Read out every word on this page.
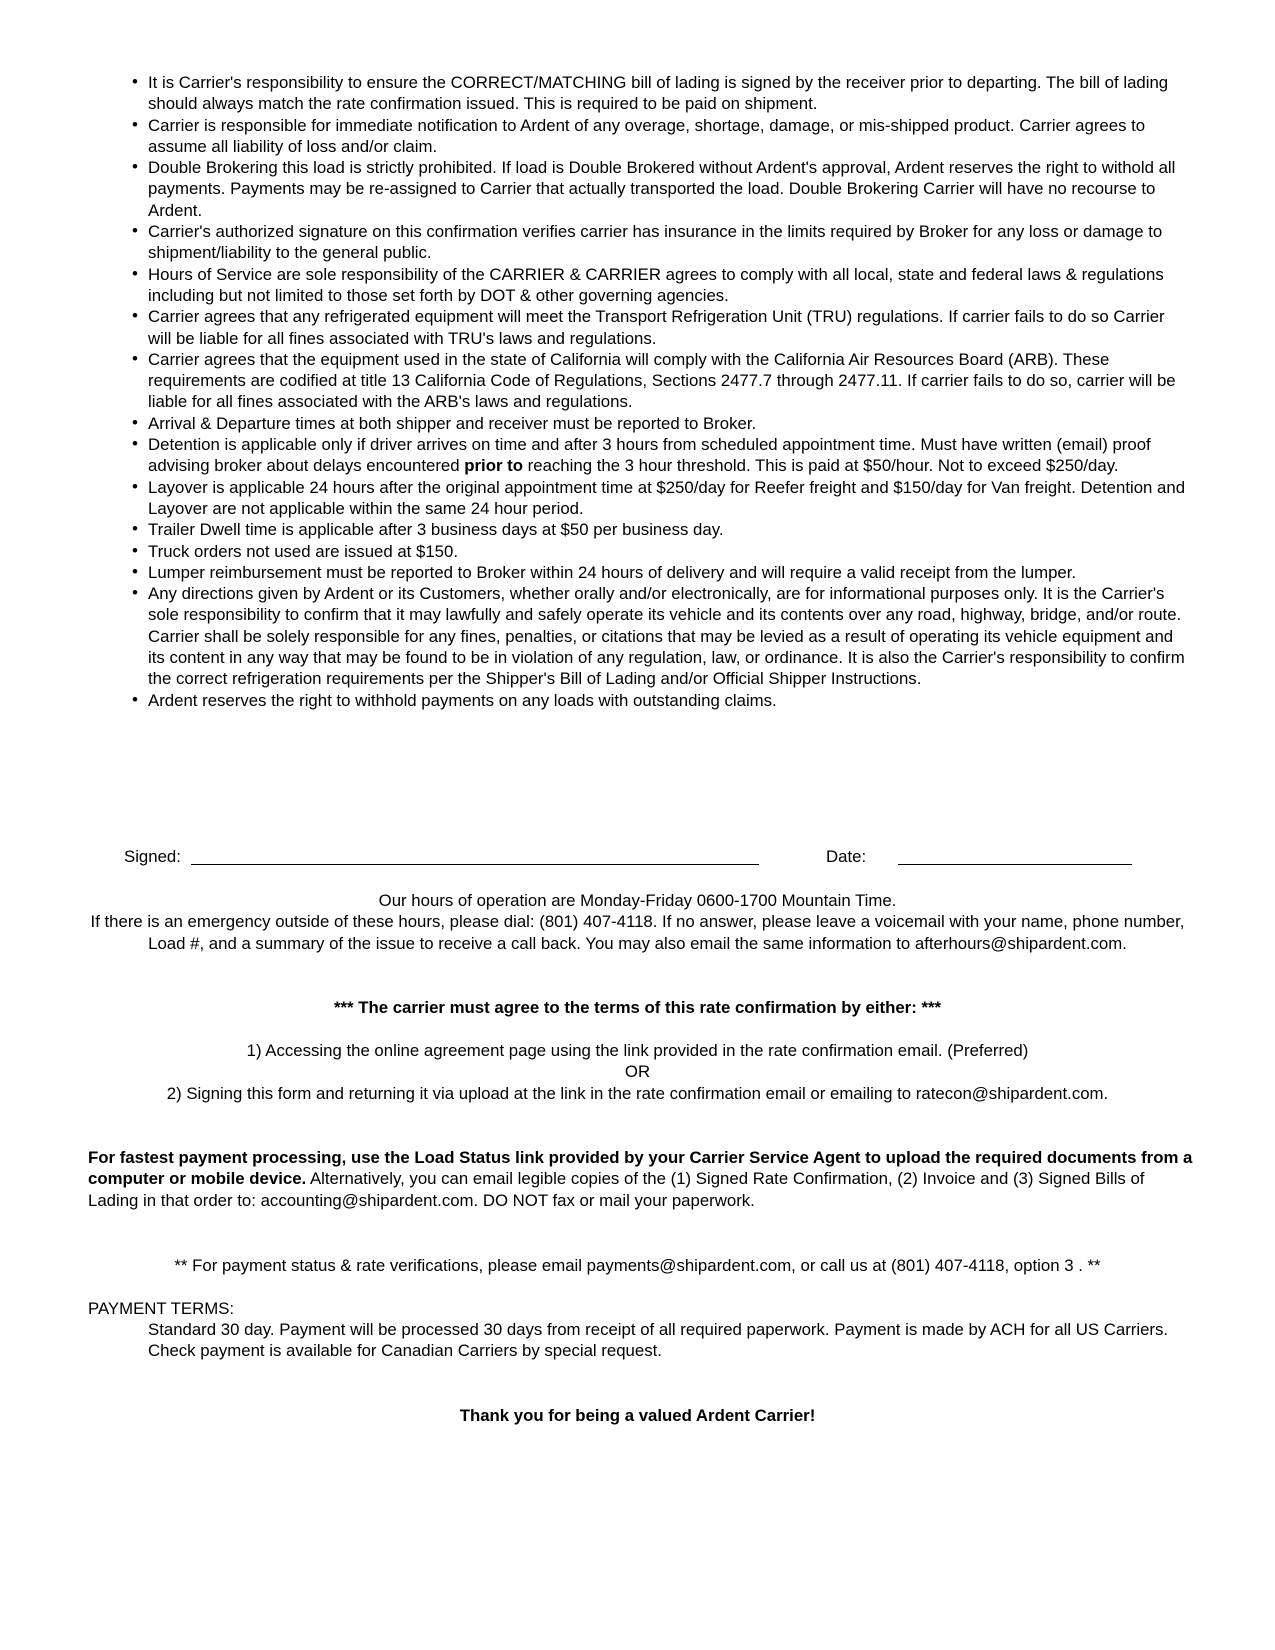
• It is Carrier's responsibility to ensure the CORRECT/MATCHING bill of lading is signed by the receiver prior to departing. The bill of lading should always match the rate confirmation issued. This is required to be paid on shipment.
• Carrier is responsible for immediate notification to Ardent of any overage, shortage, damage, or mis-shipped product. Carrier agrees to assume all liability of loss and/or claim.
• Double Brokering this load is strictly prohibited. If load is Double Brokered without Ardent's approval, Ardent reserves the right to withold all payments. Payments may be re-assigned to Carrier that actually transported the load. Double Brokering Carrier will have no recourse to Ardent.
• Carrier's authorized signature on this confirmation verifies carrier has insurance in the limits required by Broker for any loss or damage to shipment/liability to the general public.
• Hours of Service are sole responsibility of the CARRIER & CARRIER agrees to comply with all local, state and federal laws & regulations including but not limited to those set forth by DOT & other governing agencies.
• Carrier agrees that any refrigerated equipment will meet the Transport Refrigeration Unit (TRU) regulations. If carrier fails to do so Carrier will be liable for all fines associated with TRU's laws and regulations.
• Carrier agrees that the equipment used in the state of California will comply with the California Air Resources Board (ARB). These requirements are codified at title 13 California Code of Regulations, Sections 2477.7 through 2477.11. If carrier fails to do so, carrier will be liable for all fines associated with the ARB's laws and regulations.
• Arrival & Departure times at both shipper and receiver must be reported to Broker.
• Detention is applicable only if driver arrives on time and after 3 hours from scheduled appointment time. Must have written (email) proof advising broker about delays encountered prior to reaching the 3 hour threshold. This is paid at $50/hour. Not to exceed $250/day.
• Layover is applicable 24 hours after the original appointment time at $250/day for Reefer freight and $150/day for Van freight. Detention and Layover are not applicable within the same 24 hour period.
• Trailer Dwell time is applicable after 3 business days at $50 per business day.
• Truck orders not used are issued at $150.
• Lumper reimbursement must be reported to Broker within 24 hours of delivery and will require a valid receipt from the lumper.
• Any directions given by Ardent or its Customers, whether orally and/or electronically, are for informational purposes only. It is the Carrier's sole responsibility to confirm that it may lawfully and safely operate its vehicle and its contents over any road, highway, bridge, and/or route. Carrier shall be solely responsible for any fines, penalties, or citations that may be levied as a result of operating its vehicle equipment and its content in any way that may be found to be in violation of any regulation, law, or ordinance. It is also the Carrier's responsibility to confirm the correct refrigeration requirements per the Shipper's Bill of Lading and/or Official Shipper Instructions.
• Ardent reserves the right to withhold payments on any loads with outstanding claims.
Signed:	Date:
Our hours of operation are Monday-Friday 0600-1700 Mountain Time.
If there is an emergency outside of these hours, please dial: (801) 407-4118. If no answer, please leave a voicemail with your name, phone number, Load #, and a summary of the issue to receive a call back. You may also email the same information to afterhours@shipardent.com.
*** The carrier must agree to the terms of this rate confirmation by either: ***
1) Accessing the online agreement page using the link provided in the rate confirmation email. (Preferred)
OR
2) Signing this form and returning it via upload at the link in the rate confirmation email or emailing to ratecon@shipardent.com.
For fastest payment processing, use the Load Status link provided by your Carrier Service Agent to upload the required documents from a computer or mobile device. Alternatively, you can email legible copies of the (1) Signed Rate Confirmation, (2) Invoice and (3) Signed Bills of Lading in that order to: accounting@shipardent.com. DO NOT fax or mail your paperwork.
** For payment status & rate verifications, please email payments@shipardent.com, or call us at (801) 407-4118, option 3 . **
PAYMENT TERMS:
Standard 30 day. Payment will be processed 30 days from receipt of all required paperwork. Payment is made by ACH for all US Carriers. Check payment is available for Canadian Carriers by special request.
Thank you for being a valued Ardent Carrier!
